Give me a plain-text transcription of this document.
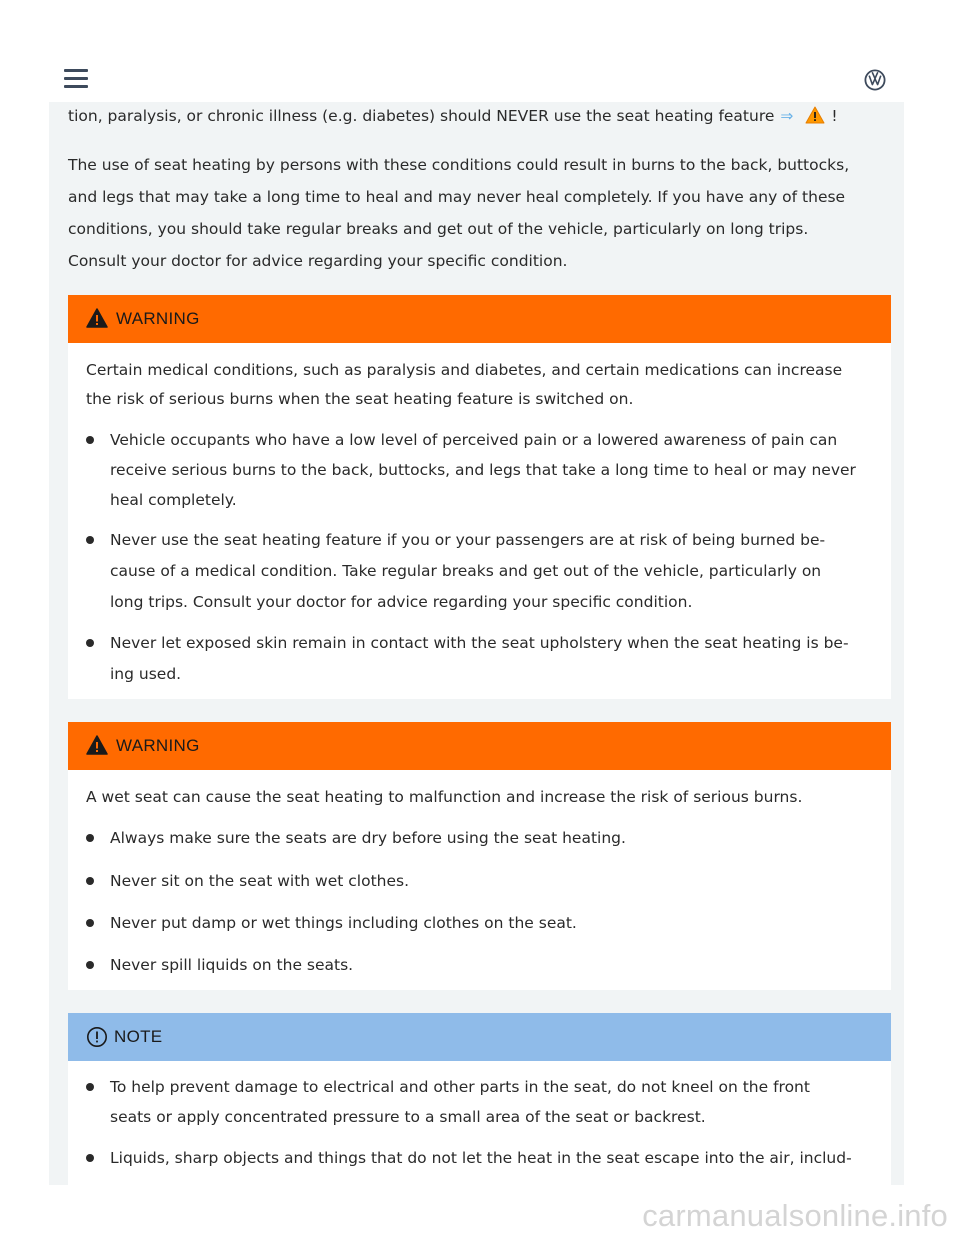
tion, paralysis, or chronic illness (e.g. diabetes) should NEVER use the seat heating feature ⇒ !
The use of seat heating by persons with these conditions could result in burns to the back, buttocks,
and legs that may take a long time to heal and may never heal completely. If you have any of these
conditions, you should take regular breaks and get out of the vehicle, particularly on long trips.
Consult your doctor for advice regarding your specific condition.
WARNING
Certain medical conditions, such as paralysis and diabetes, and certain medications can increase
the risk of serious burns when the seat heating feature is switched on.
Vehicle occupants who have a low level of perceived pain or a lowered awareness of pain can
receive serious burns to the back, buttocks, and legs that take a long time to heal or may never
heal completely.
Never use the seat heating feature if you or your passengers are at risk of being burned be-
cause of a medical condition. Take regular breaks and get out of the vehicle, particularly on
long trips. Consult your doctor for advice regarding your specific condition.
Never let exposed skin remain in contact with the seat upholstery when the seat heating is be-
ing used.
WARNING
A wet seat can cause the seat heating to malfunction and increase the risk of serious burns.
Always make sure the seats are dry before using the seat heating.
Never sit on the seat with wet clothes.
Never put damp or wet things including clothes on the seat.
Never spill liquids on the seats.
NOTE
To help prevent damage to electrical and other parts in the seat, do not kneel on the front
seats or apply concentrated pressure to a small area of the seat or backrest.
Liquids, sharp objects and things that do not let the heat in the seat escape into the air, includ-
carmanualsonline.info
